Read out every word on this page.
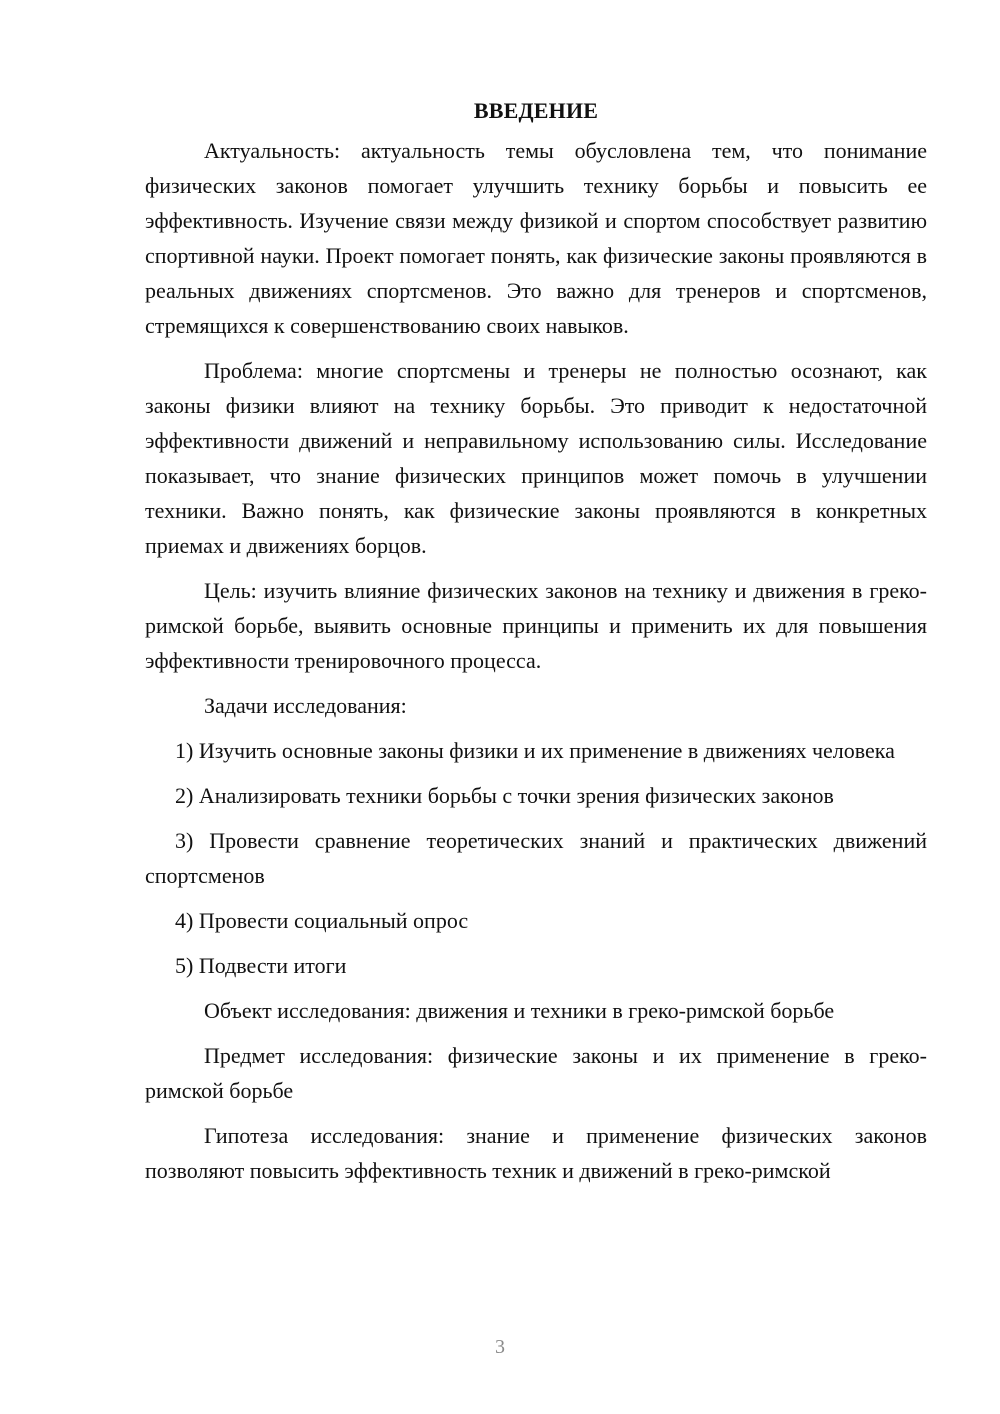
ВВЕДЕНИЕ

Актуальность: актуальность темы обусловлена тем, что понимание физических законов помогает улучшить технику борьбы и повысить ее эффективность. Изучение связи между физикой и спортом способствует развитию спортивной науки. Проект помогает понять, как физические законы проявляются в реальных движениях спортсменов. Это важно для тренеров и спортсменов, стремящихся к совершенствованию своих навыков.

Проблема: многие спортсмены и тренеры не полностью осознают, как законы физики влияют на технику борьбы. Это приводит к недостаточной эффективности движений и неправильному использованию силы. Исследование показывает, что знание физических принципов может помочь в улучшении техники. Важно понять, как физические законы проявляются в конкретных приемах и движениях борцов.

Цель: изучить влияние физических законов на технику и движения в греко-римской борьбе, выявить основные принципы и применить их для повышения эффективности тренировочного процесса.

Задачи исследования:

1) Изучить основные законы физики и их применение в движениях человека

2) Анализировать техники борьбы с точки зрения физических законов

3) Провести сравнение теоретических знаний и практических движений спортсменов

4) Провести социальный опрос

5) Подвести итоги

Объект исследования: движения и техники в греко-римской борьбе

Предмет исследования: физические законы и их применение в греко-римской борьбе

Гипотеза исследования: знание и применение физических законов позволяют повысить эффективность техник и движений в греко-римской

3
